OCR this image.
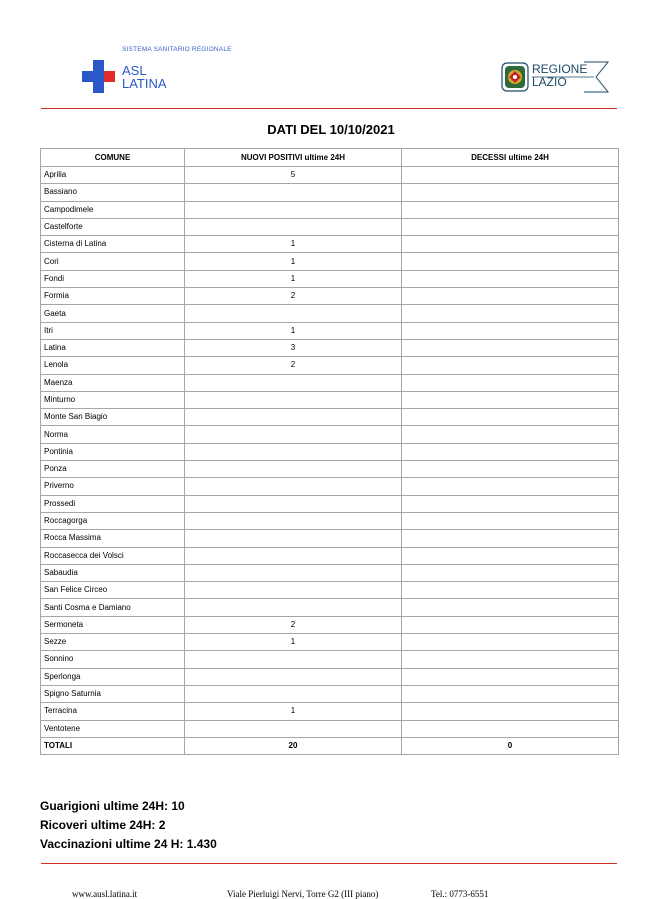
SISTEMA SANITARIO REGIONALE
ASL
LATINA
REGIONE
LAZIO
DATI DEL 10/10/2021
COMUNE	NUOVI POSITIVI ultime 24H	DECESSI ultime 24H
Aprilia	5	
Bassiano		
Campodimele		
Castelforte		
Cisterna di Latina	1	
Cori	1	
Fondi	1	
Formia	2	
Gaeta		
Itri	1	
Latina	3	
Lenola	2	
Maenza		
Minturno		
Monte San Biagio		
Norma		
Pontinia		
Ponza		
Priverno		
Prossedi		
Roccagorga		
Rocca Massima		
Roccasecca dei Volsci		
Sabaudia		
San Felice Circeo		
Santi Cosma e Damiano		
Sermoneta	2	
Sezze	1	
Sonnino		
Sperlonga		
Spigno Saturnia		
Terracina	1	
Ventotene		
TOTALI	20	0
Guarigioni ultime 24H: 10
Ricoveri ultime 24H: 2
Vaccinazioni ultime 24 H: 1.430
www.ausl.latina.it	Viale Pierluigi Nervi, Torre G2 (III piano)	Tel.: 0773-6551
